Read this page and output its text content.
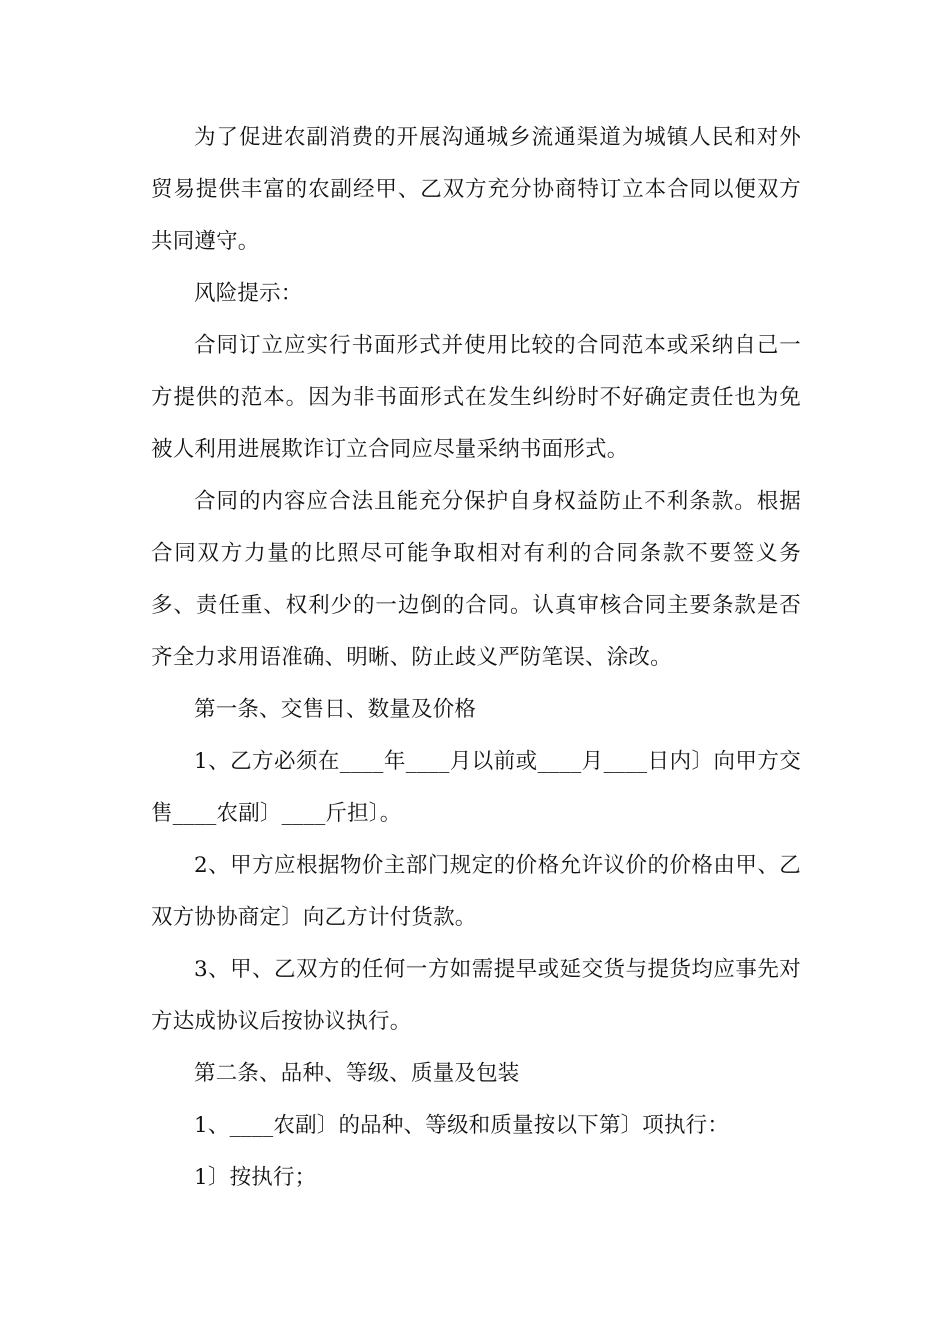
为了促进农副消费的开展沟通城乡流通渠道为城镇人民和对外贸易提供丰富的农副经甲、乙双方充分协商特订立本合同以便双方共同遵守。

风险提示：

合同订立应实行书面形式并使用比较的合同范本或采纳自己一方提供的范本。因为非书面形式在发生纠纷时不好确定责任也为免被人利用进展欺诈订立合同应尽量采纳书面形式。

合同的内容应合法且能充分保护自身权益防止不利条款。根据合同双方力量的比照尽可能争取相对有利的合同条款不要签义务多、责任重、权利少的一边倒的合同。认真审核合同主要条款是否齐全力求用语准确、明晰、防止歧义严防笔误、涂改。

第一条、交售日、数量及价格

1、乙方必须在____年____月以前或____月____日内〕向甲方交售____农副〕____斤担〕。

2、甲方应根据物价主部门规定的价格允许议价的价格由甲、乙双方协协商定〕向乙方计付货款。

3、甲、乙双方的任何一方如需提早或延交货与提货均应事先对方达成协议后按协议执行。

第二条、品种、等级、质量及包装

1、____农副〕的品种、等级和质量按以下第〕项执行：

1〕按执行；
